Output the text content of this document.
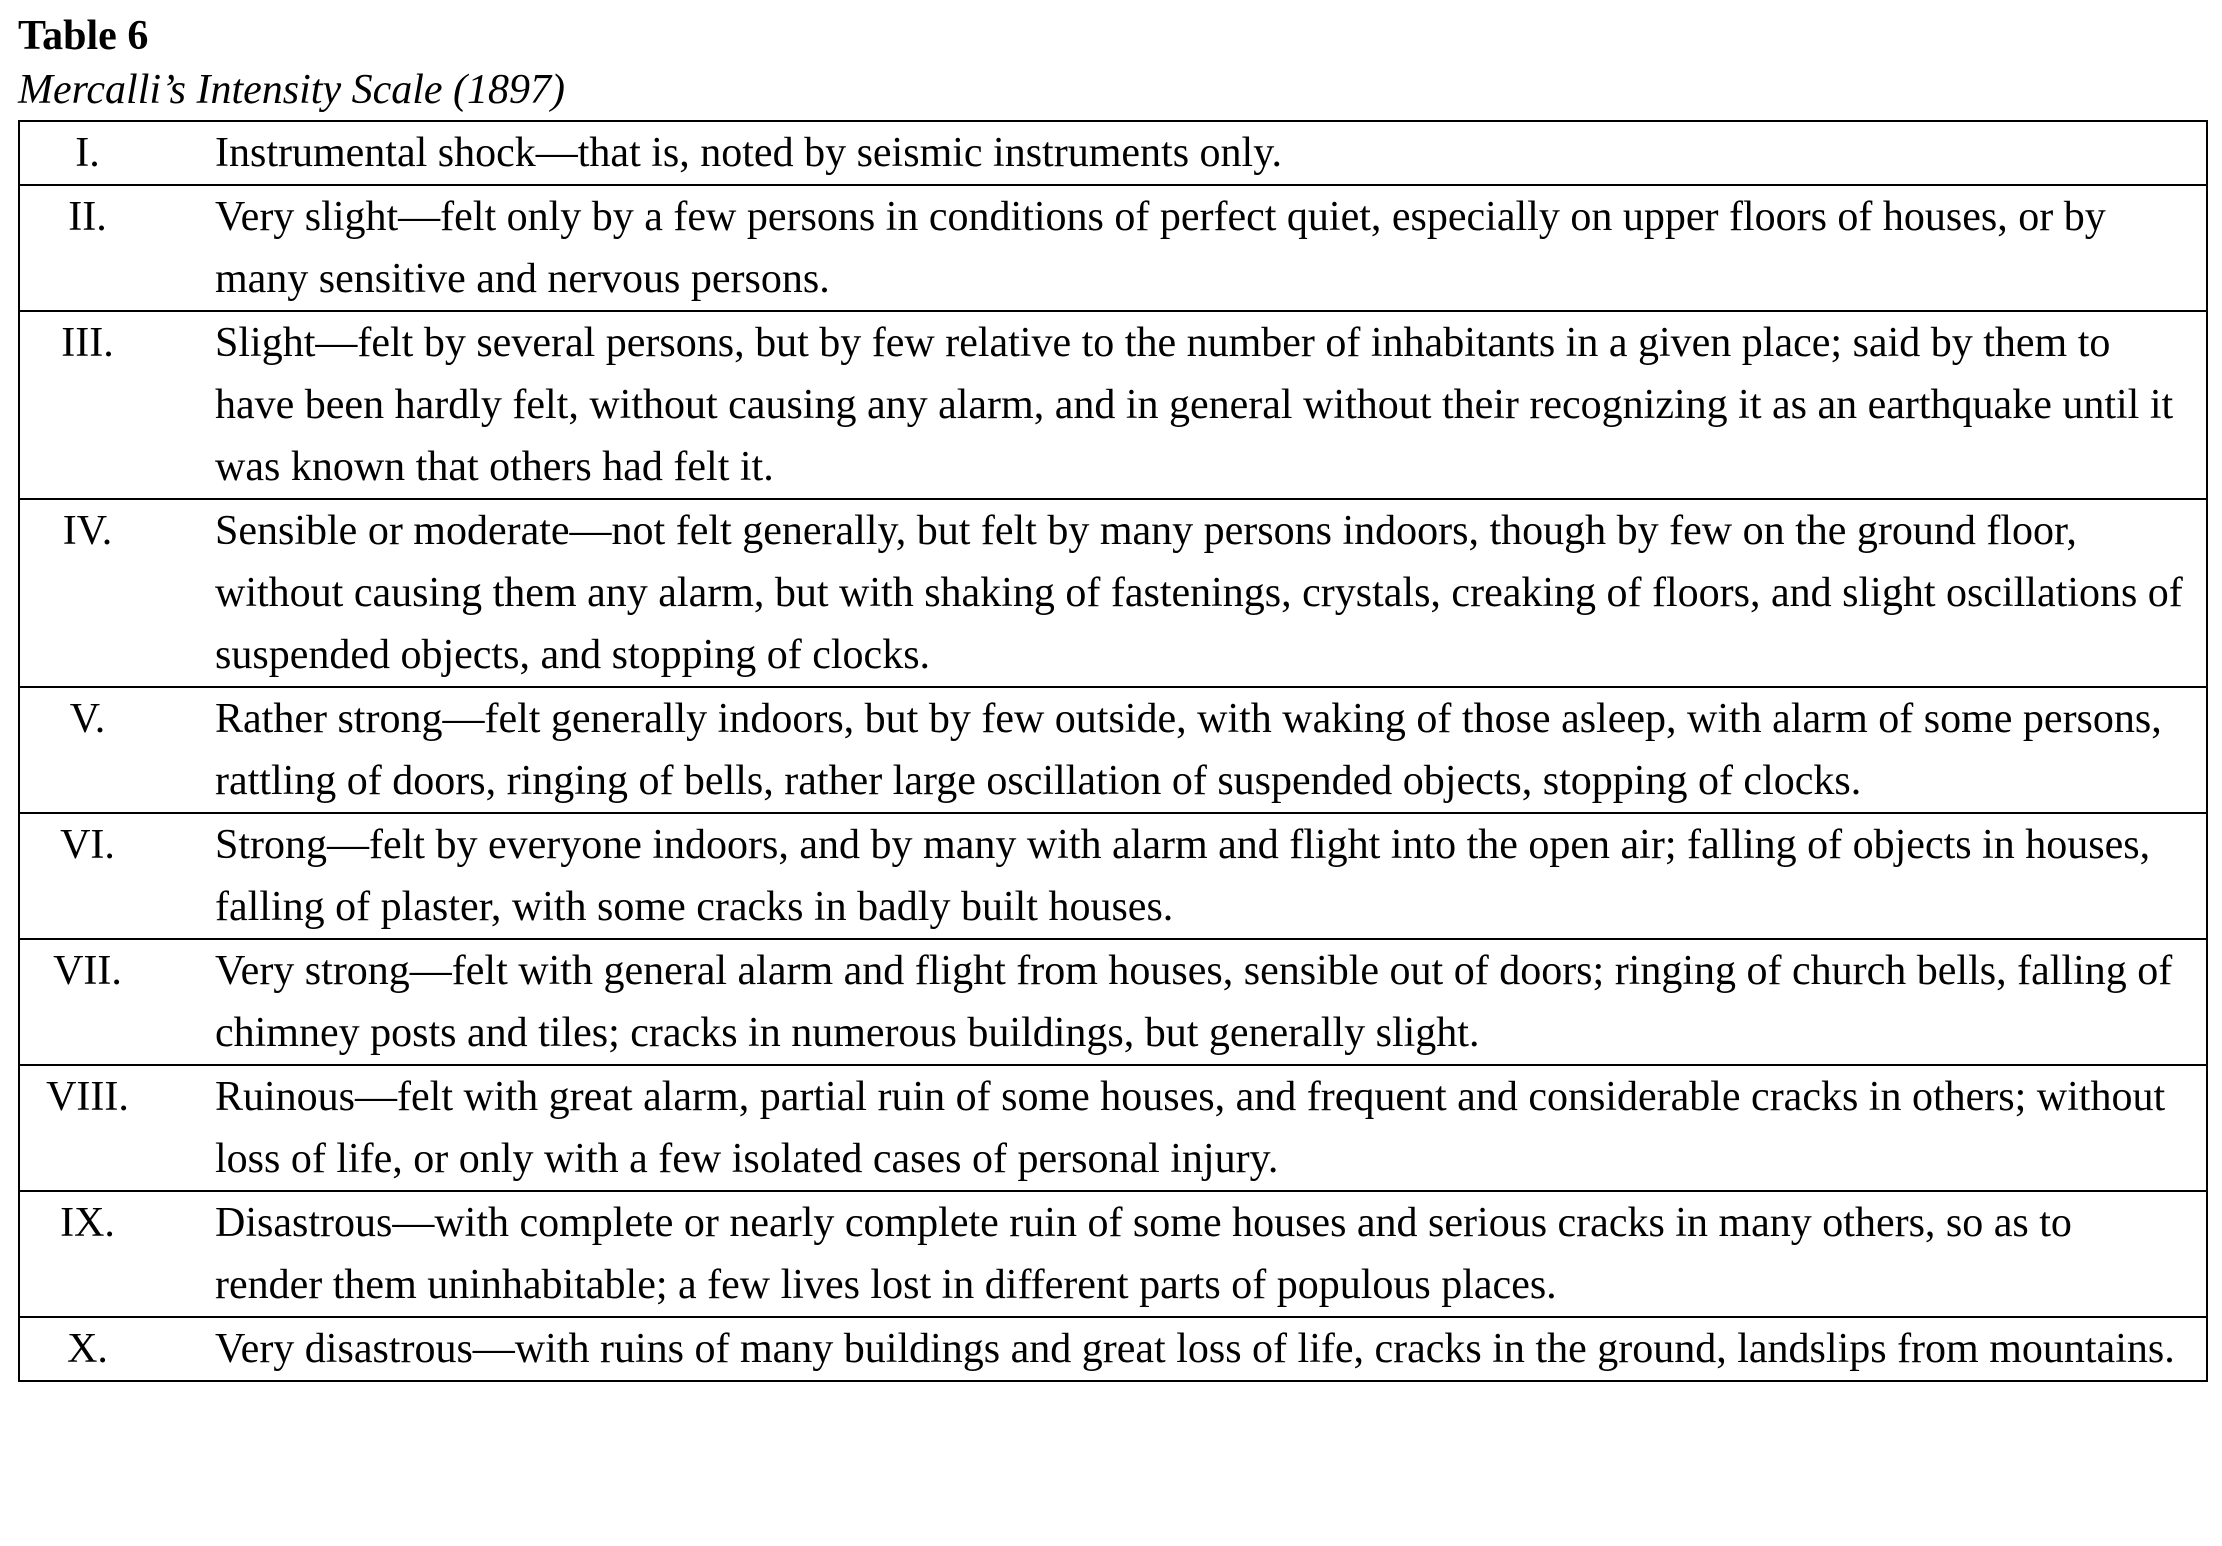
Table 6
Mercalli’s Intensity Scale (1897)
I.	Instrumental shock—that is, noted by seismic instruments only.
II.	Very slight—felt only by a few persons in conditions of perfect quiet, especially on upper floors of houses, or by many sensitive and nervous persons.
III.	Slight—felt by several persons, but by few relative to the number of inhabitants in a given place; said by them to have been hardly felt, without causing any alarm, and in general without their recognizing it as an earthquake until it was known that others had felt it.
IV.	Sensible or moderate—not felt generally, but felt by many persons indoors, though by few on the ground floor, without causing them any alarm, but with shaking of fastenings, crystals, creaking of floors, and slight oscillations of suspended objects, and stopping of clocks.
V.	Rather strong—felt generally indoors, but by few outside, with waking of those asleep, with alarm of some persons, rattling of doors, ringing of bells, rather large oscillation of suspended objects, stopping of clocks.
VI.	Strong—felt by everyone indoors, and by many with alarm and flight into the open air; falling of objects in houses, falling of plaster, with some cracks in badly built houses.
VII.	Very strong—felt with general alarm and flight from houses, sensible out of doors; ringing of church bells, falling of chimney posts and tiles; cracks in numerous buildings, but generally slight.
VIII.	Ruinous—felt with great alarm, partial ruin of some houses, and frequent and considerable cracks in others; without loss of life, or only with a few isolated cases of personal injury.
IX.	Disastrous—with complete or nearly complete ruin of some houses and serious cracks in many others, so as to render them uninhabitable; a few lives lost in different parts of populous places.
X.	Very disastrous—with ruins of many buildings and great loss of life, cracks in the ground, landslips from mountains.
